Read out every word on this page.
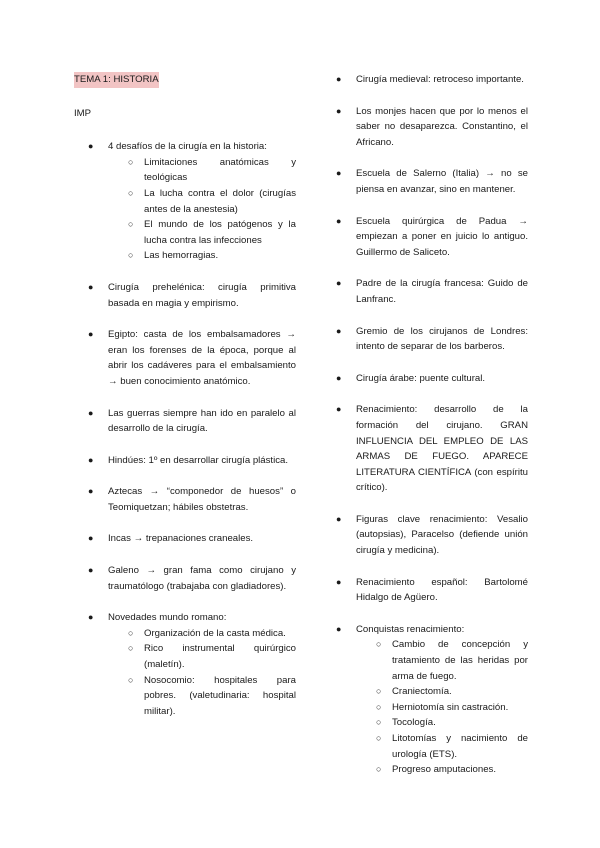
TEMA 1: HISTORIA
IMP
● 4 desafíos de la cirugía en la historia:
○ Limitaciones anatómicas y teológicas
○ La lucha contra el dolor (cirugías antes de la anestesia)
○ El mundo de los patógenos y la lucha contra las infecciones
○ Las hemorragias.
● Cirugía prehelénica: cirugía primitiva basada en magia y empirismo.
● Egipto: casta de los embalsamadores → eran los forenses de la época, porque al abrir los cadáveres para el embalsamiento → buen conocimiento anatómico.
● Las guerras siempre han ido en paralelo al desarrollo de la cirugía.
● Hindúes: 1º en desarrollar cirugía plástica.
● Aztecas → “componedor de huesos” o Teomiquetzan; hábiles obstetras.
● Incas → trepanaciones craneales.
● Galeno → gran fama como cirujano y traumatólogo (trabajaba con gladiadores).
● Novedades mundo romano:
○ Organización de la casta médica.
○ Rico instrumental quirúrgico (maletín).
○ Nosocomio: hospitales para pobres. (valetudinaria: hospital militar).
● Cirugía medieval: retroceso importante.
● Los monjes hacen que por lo menos el saber no desaparezca. Constantino, el Africano.
● Escuela de Salerno (Italia) → no se piensa en avanzar, sino en mantener.
● Escuela quirúrgica de Padua → empiezan a poner en juicio lo antiguo. Guillermo de Saliceto.
● Padre de la cirugía francesa: Guido de Lanfranc.
● Gremio de los cirujanos de Londres: intento de separar de los barberos.
● Cirugía árabe: puente cultural.
● Renacimiento: desarrollo de la formación del cirujano. GRAN INFLUENCIA DEL EMPLEO DE LAS ARMAS DE FUEGO. APARECE LITERATURA CIENTÍFICA (con espíritu crítico).
● Figuras clave renacimiento: Vesalio (autopsias), Paracelso (defiende unión cirugía y medicina).
● Renacimiento español: Bartolomé Hidalgo de Agüero.
● Conquistas renacimiento:
○ Cambio de concepción y tratamiento de las heridas por arma de fuego.
○ Craniectomía.
○ Herniotomía sin castración.
○ Tocología.
○ Litotomías y nacimiento de urología (ETS).
○ Progreso amputaciones.
